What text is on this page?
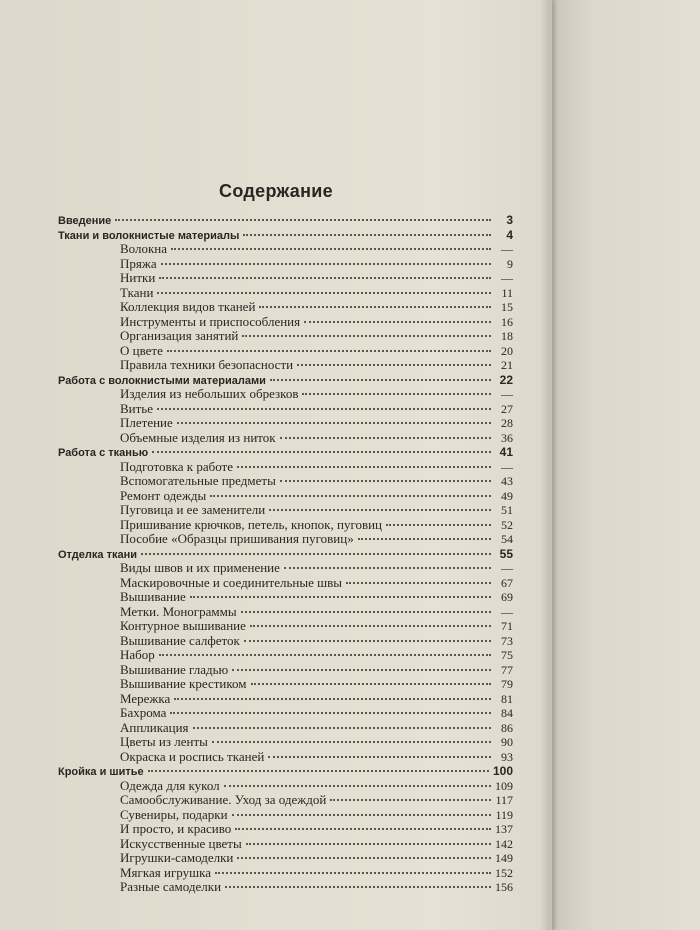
Содержание
Введение	3
Ткани и волокнистые материалы	4
Волокна	—
Пряжа	9
Нитки	—
Ткани	11
Коллекция видов тканей	15
Инструменты и приспособления	16
Организация занятий	18
О цвете	20
Правила техники безопасности	21
Работа с волокнистыми материалами	22
Изделия из небольших обрезков	—
Витье	27
Плетение	28
Объемные изделия из ниток	36
Работа с тканью	41
Подготовка к работе	—
Вспомогательные предметы	43
Ремонт одежды	49
Пуговица и ее заменители	51
Пришивание крючков, петель, кнопок, пуговиц	52
Пособие «Образцы пришивания пуговиц»	54
Отделка ткани	55
Виды швов и их применение	—
Маскировочные и соединительные швы	67
Вышивание	69
Метки. Монограммы	—
Контурное вышивание	71
Вышивание салфеток	73
Набор	75
Вышивание гладью	77
Вышивание крестиком	79
Мережка	81
Бахрома	84
Аппликация	86
Цветы из ленты	90
Окраска и роспись тканей	93
Кройка и шитье	100
Одежда для кукол	109
Самообслуживание. Уход за одеждой	117
Сувениры, подарки	119
И просто, и красиво	137
Искусственные цветы	142
Игрушки-самоделки	149
Мягкая игрушка	152
Разные самоделки	156
